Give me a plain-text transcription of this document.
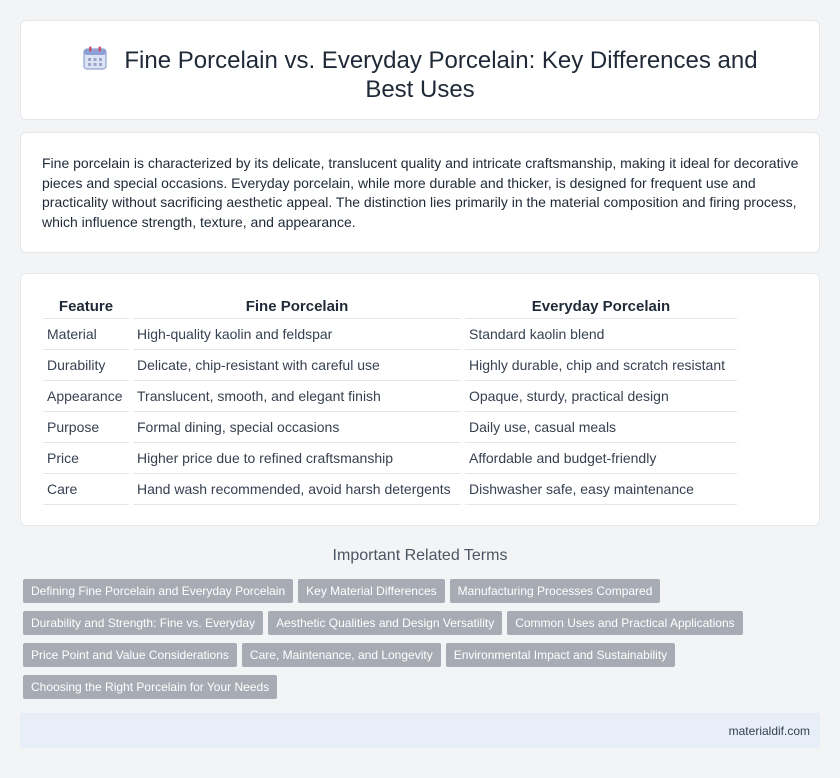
Fine Porcelain vs. Everyday Porcelain: Key Differences and Best Uses

Fine porcelain is characterized by its delicate, translucent quality and intricate craftsmanship, making it ideal for decorative pieces and special occasions. Everyday porcelain, while more durable and thicker, is designed for frequent use and practicality without sacrificing aesthetic appeal. The distinction lies primarily in the material composition and firing process, which influence strength, texture, and appearance.

Feature	Fine Porcelain	Everyday Porcelain
Material	High-quality kaolin and feldspar	Standard kaolin blend
Durability	Delicate, chip-resistant with careful use	Highly durable, chip and scratch resistant
Appearance	Translucent, smooth, and elegant finish	Opaque, sturdy, practical design
Purpose	Formal dining, special occasions	Daily use, casual meals
Price	Higher price due to refined craftsmanship	Affordable and budget-friendly
Care	Hand wash recommended, avoid harsh detergents	Dishwasher safe, easy maintenance
Important Related Terms
Defining Fine Porcelain and Everyday Porcelain Key Material Differences Manufacturing Processes Compared
Durability and Strength: Fine vs. Everyday Aesthetic Qualities and Design Versatility Common Uses and Practical Applications
Price Point and Value Considerations Care, Maintenance, and Longevity Environmental Impact and Sustainability
Choosing the Right Porcelain for Your Needs
materialdif.com
